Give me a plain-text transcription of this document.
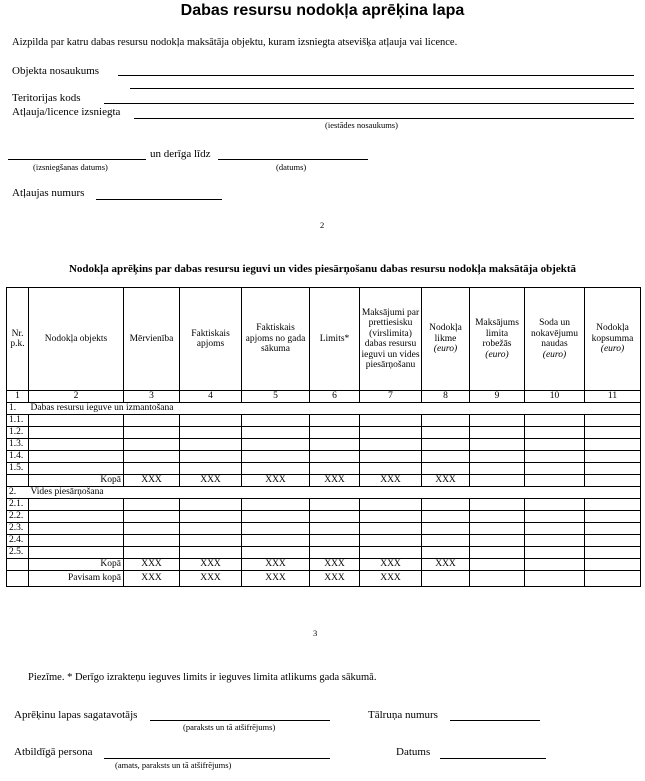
Dabas resursu nodokļa aprēķina lapa
Aizpilda par katru dabas resursu nodokļa maksātāja objektu, kuram izsniegta atsevišķa atļauja vai licence.
Objekta nosaukums
Teritorijas kods
Atļauja/licence izsniegta
(iestādes nosaukums)
un derīga līdz
(izsniegšanas datums)	(datums)
Atļaujas numurs
2
Nodokļa aprēķins par dabas resursu ieguvi un vides piesārņošanu dabas resursu nodokļa maksātāja objektā
Nr. p.k.	Nodokļa objekts	Mērvienība	Faktiskais apjoms	Faktiskais apjoms no gada sākuma	Limits*	Maksājumi par prettiesisku (virslimita) dabas resursu ieguvi un vides piesārņošanu	Nodokļa likme
(euro)	Maksājums limita robežās
(euro)	Soda un nokavējumu naudas
(euro)	Nodokļa kopsumma
(euro)
1	2	3	4	5	6	7	8	9	10	11
1.	Dabas resursu ieguve un izmantošana									
1.1.										
1.2.										
1.3.										
1.4.										
1.5.										
	Kopā	XXX	XXX	XXX	XXX	XXX	XXX			
2.	Vides piesārņošana									
2.1.										
2.2.										
2.3.										
2.4.										
2.5.										
	Kopā	XXX	XXX	XXX	XXX	XXX	XXX			
	Pavisam kopā	XXX	XXX	XXX	XXX	XXX				
3
Piezīme. * Derīgo izrakteņu ieguves limits ir ieguves limita atlikums gada sākumā.
Aprēķinu lapas sagatavotājs
(paraksts un tā atšifrējums)
Tālruņa numurs
Atbildīgā persona
(amats, paraksts un tā atšifrējums)
Datums
